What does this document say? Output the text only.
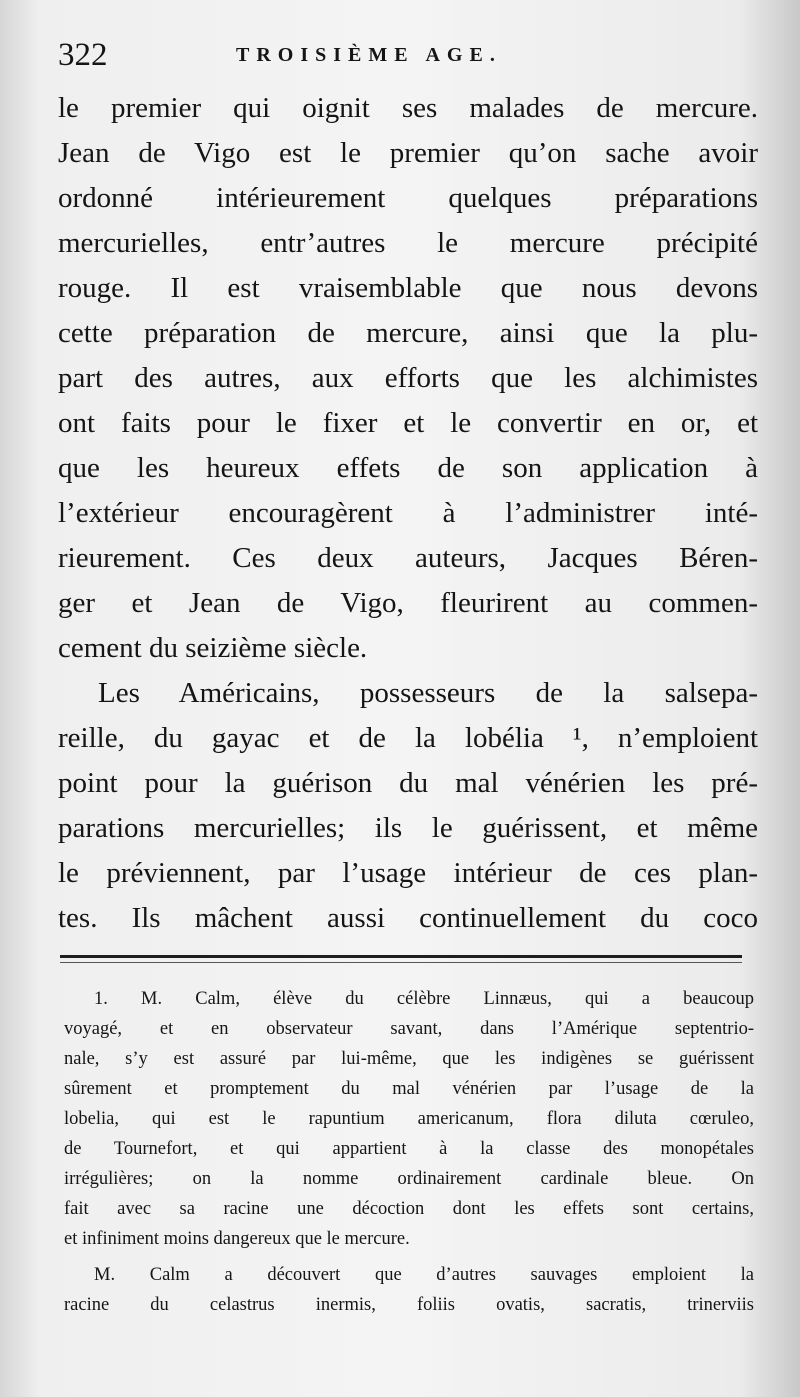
322	TROISIÈME AGE.
le premier qui oignit ses malades de mercure.
Jean de Vigo est le premier qu’on sache avoir
ordonné intérieurement quelques préparations
mercurielles, entr’autres le mercure précipité
rouge. Il est vraisemblable que nous devons
cette préparation de mercure, ainsi que la plu-
part des autres, aux efforts que les alchimistes
ont faits pour le fixer et le convertir en or, et
que les heureux effets de son application à
l’extérieur encouragèrent à l’administrer inté-
rieurement. Ces deux auteurs, Jacques Béren-
ger et Jean de Vigo, fleurirent au commen-
cement du seizième siècle.
Les Américains, possesseurs de la salsepa-
reille, du gayac et de la lobélia ¹, n’emploient
point pour la guérison du mal vénérien les pré-
parations mercurielles; ils le guérissent, et même
le préviennent, par l’usage intérieur de ces plan-
tes. Ils mâchent aussi continuellement du coco
1. M. Calm, élève du célèbre Linnæus, qui a beaucoup
voyagé, et en observateur savant, dans l’Amérique septentrio-
nale, s’y est assuré par lui-même, que les indigènes se guérissent
sûrement et promptement du mal vénérien par l’usage de la
lobelia, qui est le rapuntium americanum, flora diluta cœruleo,
de Tournefort, et qui appartient à la classe des monopétales
irrégulières; on la nomme ordinairement cardinale bleue. On
fait avec sa racine une décoction dont les effets sont certains,
et infiniment moins dangereux que le mercure.
M. Calm a découvert que d’autres sauvages emploient la
racine du celastrus inermis, foliis ovatis, sacratis, trinerviis
